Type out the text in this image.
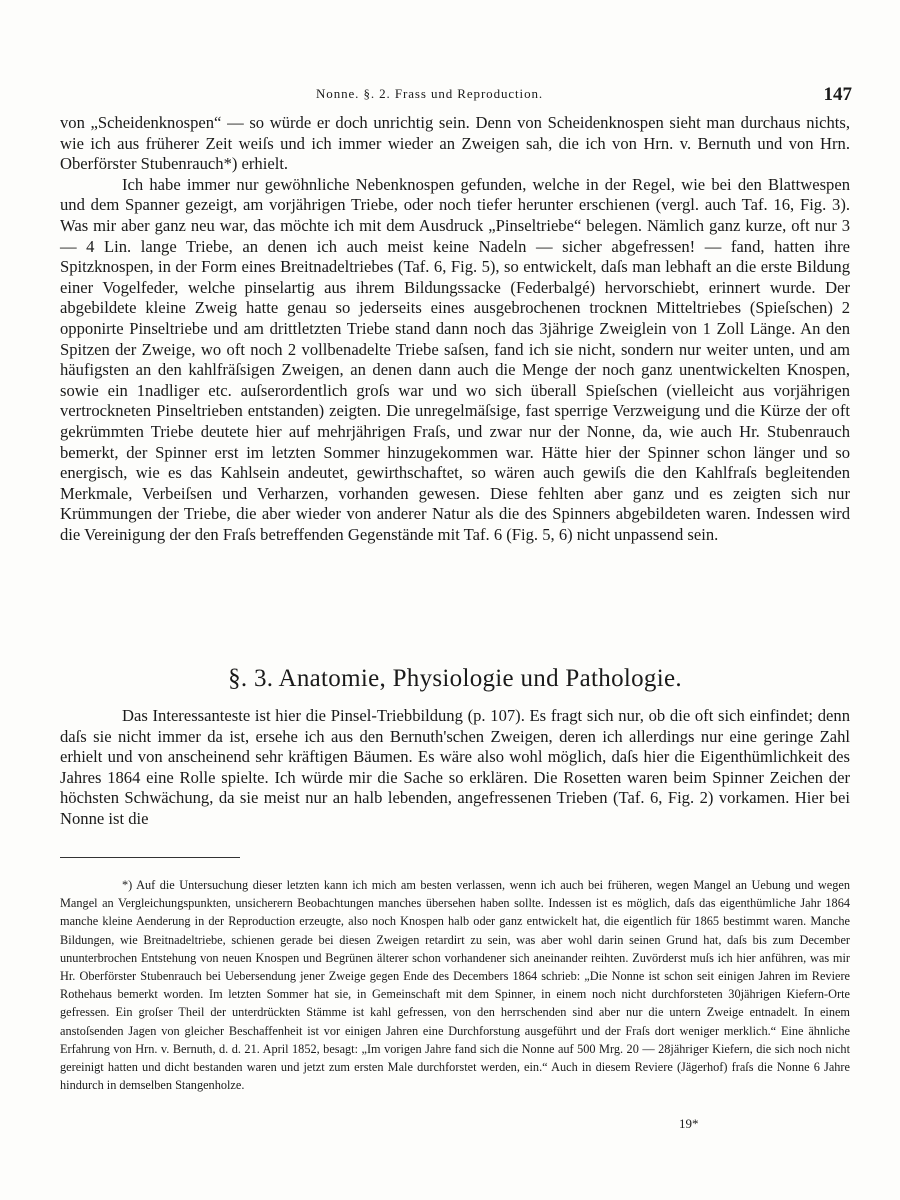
Nonne. §. 2. Frass und Reproduction.	147

von „Scheidenknospen“ — so würde er doch unrichtig sein. Denn von Scheidenknospen sieht man durchaus nichts, wie ich aus früherer Zeit weiſs und ich immer wieder an Zweigen sah, die ich von Hrn. v. Bernuth und von Hrn. Oberförster Stubenrauch*) erhielt.

Ich habe immer nur gewöhnliche Nebenknospen gefunden, welche in der Regel, wie bei den Blattwespen und dem Spanner gezeigt, am vorjährigen Triebe, oder noch tiefer herunter erschienen (vergl. auch Taf. 16, Fig. 3). Was mir aber ganz neu war, das möchte ich mit dem Ausdruck „Pinseltriebe“ belegen. Nämlich ganz kurze, oft nur 3 — 4 Lin. lange Triebe, an denen ich auch meist keine Nadeln — sicher abgefressen! — fand, hatten ihre Spitzknospen, in der Form eines Breitnadeltriebes (Taf. 6, Fig. 5), so entwickelt, daſs man lebhaft an die erste Bildung einer Vogelfeder, welche pinselartig aus ihrem Bildungssacke (Federbalgé) hervorschiebt, erinnert wurde. Der abgebildete kleine Zweig hatte genau so jederseits eines ausgebrochenen trocknen Mitteltriebes (Spieſschen) 2 opponirte Pinseltriebe und am drittletzten Triebe stand dann noch das 3jährige Zweiglein von 1 Zoll Länge. An den Spitzen der Zweige, wo oft noch 2 vollbenadelte Triebe saſsen, fand ich sie nicht, sondern nur weiter unten, und am häufigsten an den kahlfräſsigen Zweigen, an denen dann auch die Menge der noch ganz unentwickelten Knospen, sowie ein 1nadliger etc. auſserordentlich groſs war und wo sich überall Spieſschen (vielleicht aus vorjährigen vertrockneten Pinseltrieben entstanden) zeigten. Die unregelmäſsige, fast sperrige Verzweigung und die Kürze der oft gekrümmten Triebe deutete hier auf mehrjährigen Fraſs, und zwar nur der Nonne, da, wie auch Hr. Stubenrauch bemerkt, der Spinner erst im letzten Sommer hinzugekommen war. Hätte hier der Spinner schon länger und so energisch, wie es das Kahlsein andeutet, gewirthschaftet, so wären auch gewiſs die den Kahlfraſs begleitenden Merkmale, Verbeiſsen und Verharzen, vorhanden gewesen. Diese fehlten aber ganz und es zeigten sich nur Krümmungen der Triebe, die aber wieder von anderer Natur als die des Spinners abgebildeten waren. Indessen wird die Vereinigung der den Fraſs betreffenden Gegenstände mit Taf. 6 (Fig. 5, 6) nicht unpassend sein.

§. 3. Anatomie, Physiologie und Pathologie.

Das Interessanteste ist hier die Pinsel-Triebbildung (p. 107). Es fragt sich nur, ob die oft sich einfindet; denn daſs sie nicht immer da ist, ersehe ich aus den Bernuth'schen Zweigen, deren ich allerdings nur eine geringe Zahl erhielt und von anscheinend sehr kräftigen Bäumen. Es wäre also wohl möglich, daſs hier die Eigenthümlichkeit des Jahres 1864 eine Rolle spielte. Ich würde mir die Sache so erklären. Die Rosetten waren beim Spinner Zeichen der höchsten Schwächung, da sie meist nur an halb lebenden, angefressenen Trieben (Taf. 6, Fig. 2) vorkamen. Hier bei Nonne ist die

*) Auf die Untersuchung dieser letzten kann ich mich am besten verlassen, wenn ich auch bei früheren, wegen Mangel an Uebung und wegen Mangel an Vergleichungspunkten, unsicherern Beobachtungen manches übersehen haben sollte. Indessen ist es möglich, daſs das eigenthümliche Jahr 1864 manche kleine Aenderung in der Reproduction erzeugte, also noch Knospen halb oder ganz entwickelt hat, die eigentlich für 1865 bestimmt waren. Manche Bildungen, wie Breitnadeltriebe, schienen gerade bei diesen Zweigen retardirt zu sein, was aber wohl darin seinen Grund hat, daſs bis zum December ununterbrochen Entstehung von neuen Knospen und Begrünen älterer schon vorhandener sich aneinander reihten. Zuvörderst muſs ich hier anführen, was mir Hr. Oberförster Stubenrauch bei Uebersendung jener Zweige gegen Ende des Decembers 1864 schrieb: „Die Nonne ist schon seit einigen Jahren im Reviere Rothehaus bemerkt worden. Im letzten Sommer hat sie, in Gemeinschaft mit dem Spinner, in einem noch nicht durchforsteten 30jährigen Kiefern-Orte gefressen. Ein groſser Theil der unterdrückten Stämme ist kahl gefressen, von den herrschenden sind aber nur die untern Zweige entnadelt. In einem anstoſsenden Jagen von gleicher Beschaffenheit ist vor einigen Jahren eine Durchforstung ausgeführt und der Fraſs dort weniger merklich.“ Eine ähnliche Erfahrung von Hrn. v. Bernuth, d. d. 21. April 1852, besagt: „Im vorigen Jahre fand sich die Nonne auf 500 Mrg. 20 — 28jähriger Kiefern, die sich noch nicht gereinigt hatten und dicht bestanden waren und jetzt zum ersten Male durchforstet werden, ein.“ Auch in diesem Reviere (Jägerhof) fraſs die Nonne 6 Jahre hindurch in demselben Stangenholze.

19*
